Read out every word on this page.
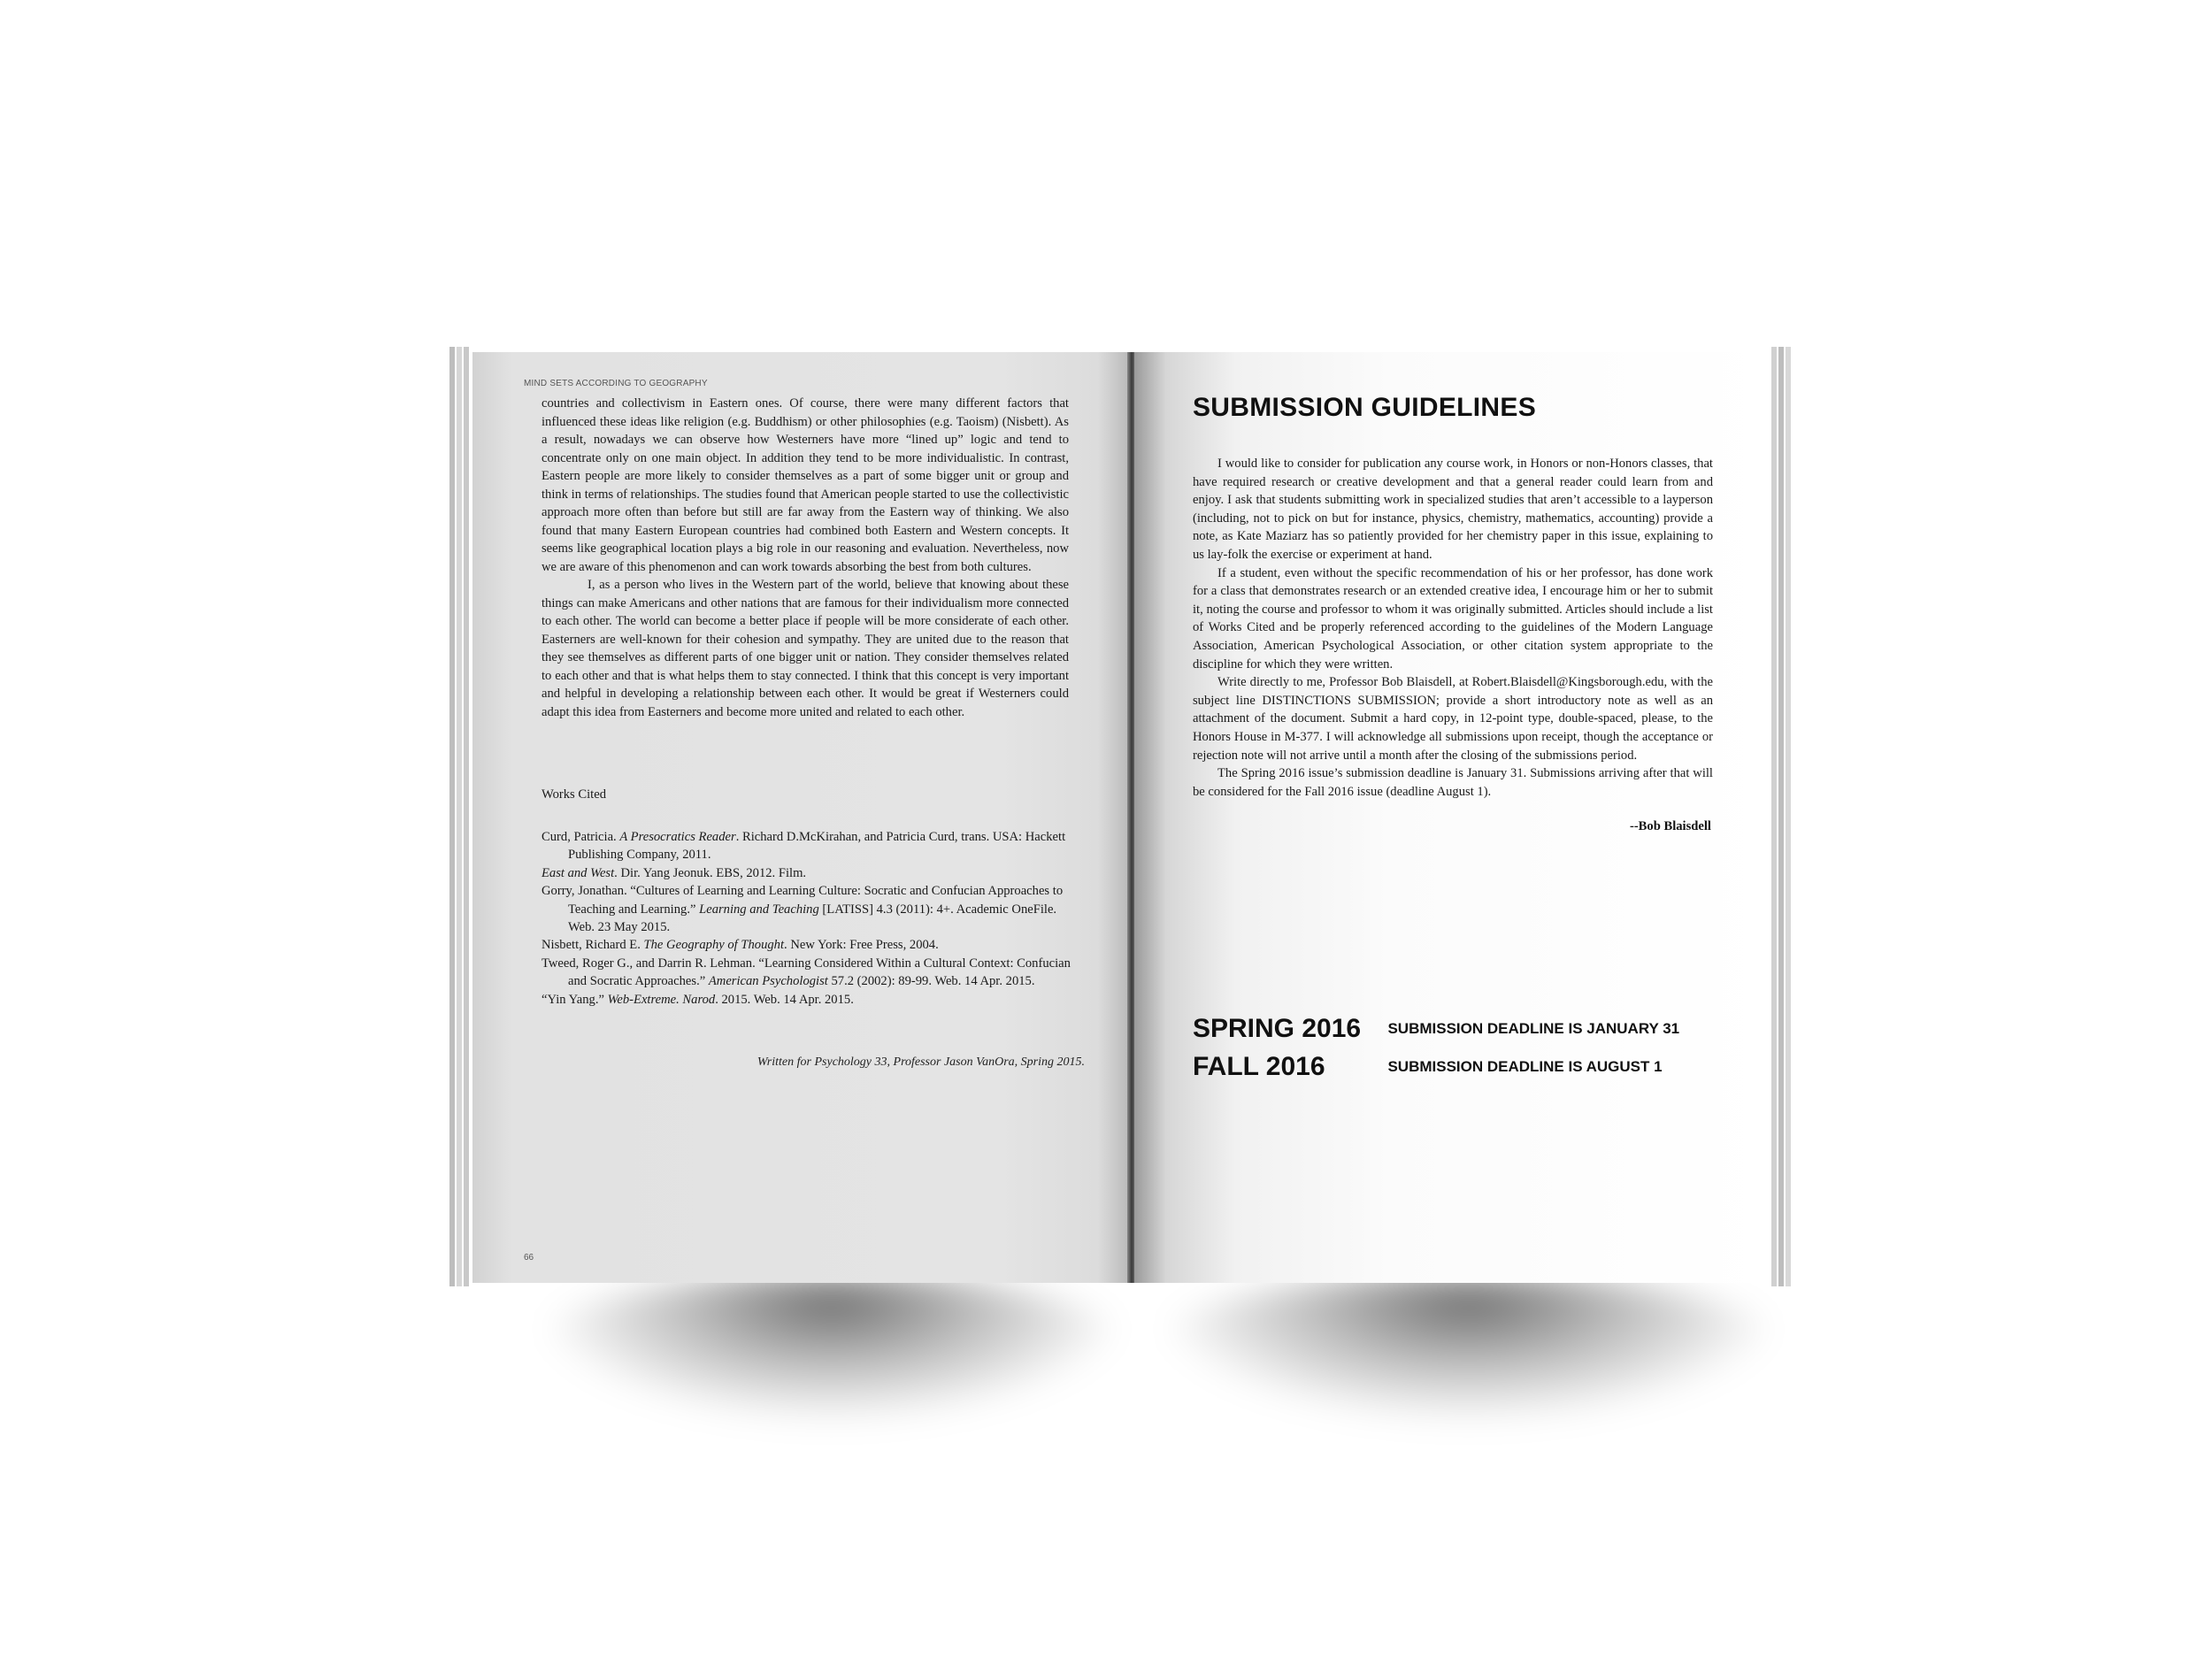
MIND SETS ACCORDING TO GEOGRAPHY

countries and collectivism in Eastern ones. Of course, there were many different factors that influenced these ideas like religion (e.g. Buddhism) or other philosophies (e.g. Taoism) (Nisbett). As a result, nowadays we can observe how Westerners have more “lined up” logic and tend to concentrate only on one main object. In addition they tend to be more individualistic. In contrast, Eastern people are more likely to consider themselves as a part of some bigger unit or group and think in terms of relationships. The studies found that American people started to use the collectivistic approach more often than before but still are far away from the Eastern way of thinking. We also found that many Eastern European countries had combined both Eastern and Western concepts. It seems like geographical location plays a big role in our reasoning and evaluation. Nevertheless, now we are aware of this phenomenon and can work towards absorbing the best from both cultures.

I, as a person who lives in the Western part of the world, believe that knowing about these things can make Americans and other nations that are famous for their individualism more connected to each other. The world can become a better place if people will be more considerate of each other. Easterners are well-known for their cohesion and sympathy. They are united due to the reason that they see themselves as different parts of one bigger unit or nation. They consider themselves related to each other and that is what helps them to stay connected. I think that this concept is very important and helpful in developing a relationship between each other. It would be great if Westerners could adapt this idea from Easterners and become more united and related to each other.

Works Cited
Curd, Patricia. A Presocratics Reader. Richard D.McKirahan, and Patricia Curd, trans. USA: Hackett Publishing Company, 2011.
East and West. Dir. Yang Jeonuk. EBS, 2012. Film.
Gorry, Jonathan. “Cultures of Learning and Learning Culture: Socratic and Confucian Approaches to Teaching and Learning.” Learning and Teaching [LATISS] 4.3 (2011): 4+. Academic OneFile. Web. 23 May 2015.
Nisbett, Richard E. The Geography of Thought. New York: Free Press, 2004.
Tweed, Roger G., and Darrin R. Lehman. “Learning Considered Within a Cultural Context: Confucian and Socratic Approaches.” American Psychologist 57.2 (2002): 89-99. Web. 14 Apr. 2015.
“Yin Yang.” Web-Extreme. Narod. 2015. Web. 14 Apr. 2015.
Written for Psychology 33, Professor Jason VanOra, Spring 2015.
66
SUBMISSION GUIDELINES

I would like to consider for publication any course work, in Honors or non-Honors classes, that have required research or creative development and that a general reader could learn from and enjoy. I ask that students submitting work in specialized studies that aren’t accessible to a layperson (including, not to pick on but for instance, physics, chemistry, mathematics, accounting) provide a note, as Kate Maziarz has so patiently provided for her chemistry paper in this issue, explaining to us lay-folk the exercise or experiment at hand.

If a student, even without the specific recommendation of his or her professor, has done work for a class that demonstrates research or an extended creative idea, I encourage him or her to submit it, noting the course and professor to whom it was originally submitted. Articles should include a list of Works Cited and be properly referenced according to the guidelines of the Modern Language Association, American Psychological Association, or other citation system appropriate to the discipline for which they were written.

Write directly to me, Professor Bob Blaisdell, at Robert.Blaisdell@Kingsborough.edu, with the subject line DISTINCTIONS SUBMISSION; provide a short introductory note as well as an attachment of the document. Submit a hard copy, in 12-point type, double-spaced, please, to the Honors House in M-377. I will acknowledge all submissions upon receipt, though the acceptance or rejection note will not arrive until a month after the closing of the submissions period.

The Spring 2016 issue’s submission deadline is January 31. Submissions arriving after that will be considered for the Fall 2016 issue (deadline August 1).

--Bob Blaisdell
SPRING 2016 SUBMISSION DEADLINE IS JANUARY 31
FALL 2016	SUBMISSION DEADLINE IS AUGUST 1
